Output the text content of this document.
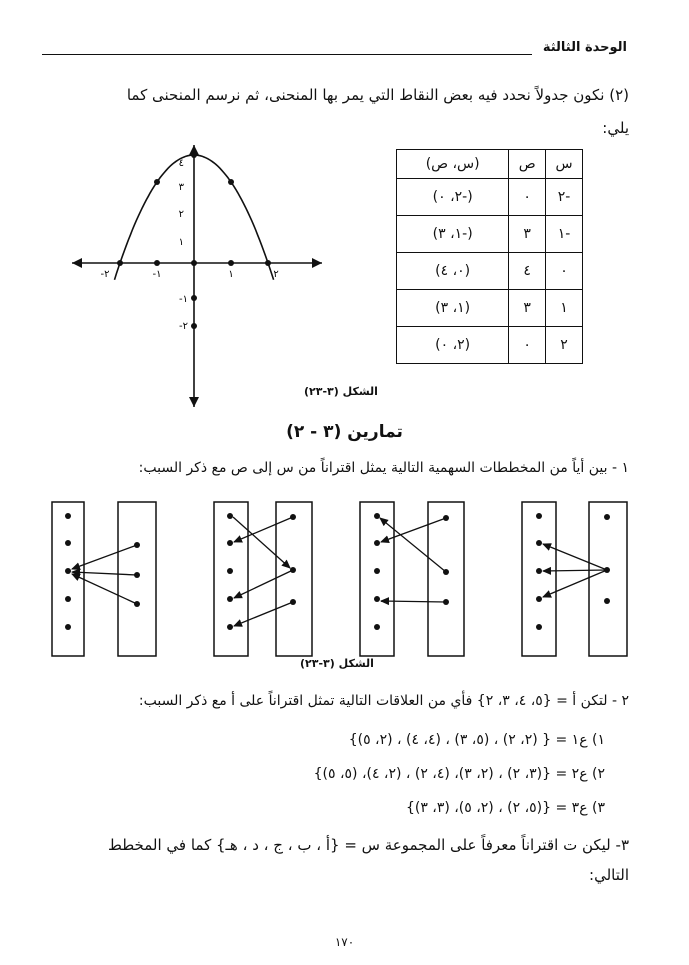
الوحدة الثالثة
(٢) نكون جدولاً نحدد فيه بعض النقاط التي يمر بها المنحنى، ثم نرسم المنحنى كما
يلي:
س	ص	(س، ص)
-٢	٠	(-٢، ٠)
-١	٣	(-١، ٣)
٠	٤	(٠، ٤)
١	٣	(١، ٣)
٢	٠	(٢، ٠)
٤
٣
٢
١
-١
-٢
-٢	-١	١	٢
الشكل (٣-٢٣)
تمارين (٣ - ٢)
١ - بين أياً من المخططات السهمية التالية يمثل اقتراناً من س إلى ص مع ذكر السبب:
الشكل (٣-٢٣)
٢ - لتكن أ = {٥، ٤، ٣، ٢} فأي من العلاقات التالية تمثل اقتراناً على أ مع ذكر السبب:
١) ع١ = { (٢، ٢) ، (٥، ٣) ، (٤، ٤) ، (٢، ٥)}
٢) ع٢ = {(٣، ٢) ، (٢، ٣)، (٤، ٢) ، (٢، ٤)، (٥، ٥)}
٣) ع٣ = {(٥، ٢) ، (٢، ٥)، (٣، ٣)}
٣- ليكن ت اقتراناً معرفاً على المجموعة س = {أ ، ب ، ج ، د ، هـ} كما في المخطط
التالي:
١٧٠
